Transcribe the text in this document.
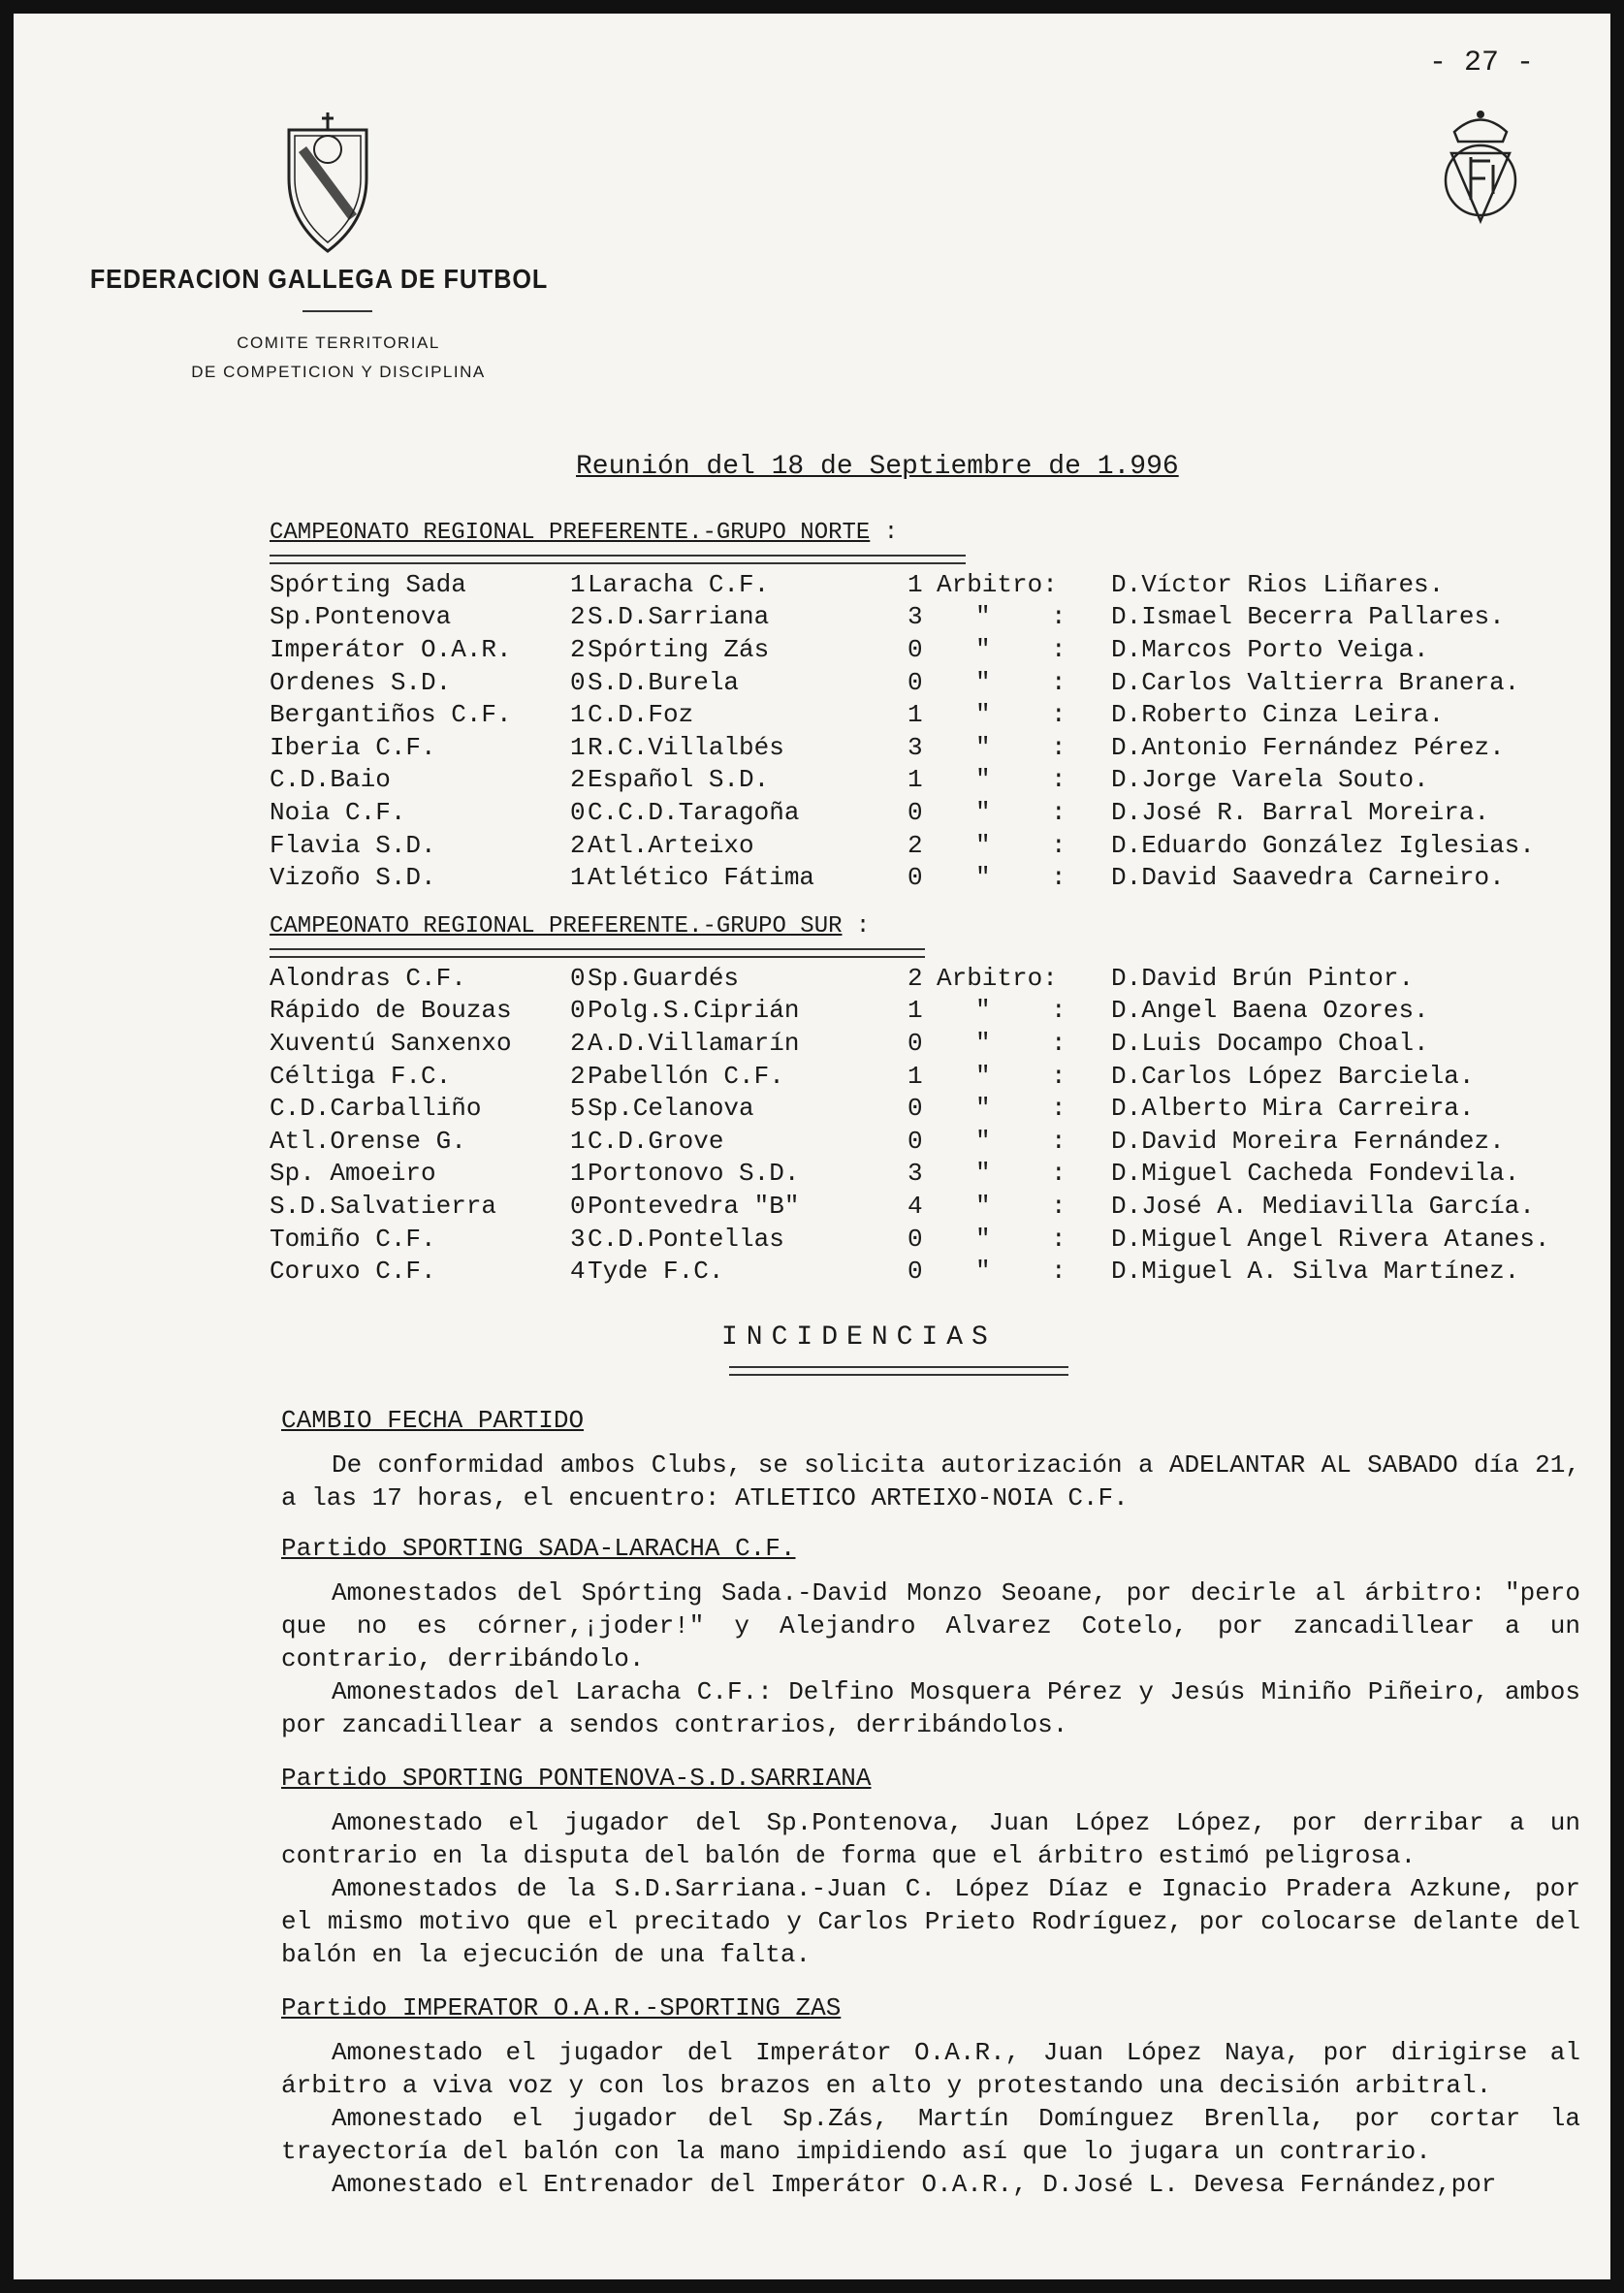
- 27 -
FEDERACION GALLEGA DE FUTBOL
COMITE TERRITORIAL
DE COMPETICION Y DISCIPLINA
Reunión del 18 de Septiembre de 1.996
CAMPEONATO REGIONAL PREFERENTE.-GRUPO NORTE :
Spórting Sada	1	Laracha C.F.	1	Arbitro:	D.Víctor Rios Liñares.
Sp.Pontenova	2	S.D.Sarriana	3	"    :	D.Ismael Becerra Pallares.
Imperátor O.A.R.	2	Spórting Zás	0	"    :	D.Marcos Porto Veiga.
Ordenes S.D.	0	S.D.Burela	0	"    :	D.Carlos Valtierra Branera.
Bergantiños C.F.	1	C.D.Foz	1	"    :	D.Roberto Cinza Leira.
Iberia C.F.	1	R.C.Villalbés	3	"    :	D.Antonio Fernández Pérez.
C.D.Baio	2	Español S.D.	1	"    :	D.Jorge Varela Souto.
Noia C.F.	0	C.C.D.Taragoña	0	"    :	D.José R. Barral Moreira.
Flavia S.D.	2	Atl.Arteixo	2	"    :	D.Eduardo González Iglesias.
Vizoño S.D.	1	Atlético Fátima	0	"    :	D.David Saavedra Carneiro.
CAMPEONATO REGIONAL PREFERENTE.-GRUPO SUR :
Alondras C.F.	0	Sp.Guardés	2	Arbitro:	D.David Brún Pintor.
Rápido de Bouzas	0	Polg.S.Ciprián	1	"    :	D.Angel Baena Ozores.
Xuventú Sanxenxo	2	A.D.Villamarín	0	"    :	D.Luis Docampo Choal.
Céltiga F.C.	2	Pabellón C.F.	1	"    :	D.Carlos López Barciela.
C.D.Carballiño	5	Sp.Celanova	0	"    :	D.Alberto Mira Carreira.
Atl.Orense G.	1	C.D.Grove	0	"    :	D.David Moreira Fernández.
Sp. Amoeiro	1	Portonovo S.D.	3	"    :	D.Miguel Cacheda Fondevila.
S.D.Salvatierra	0	Pontevedra "B"	4	"    :	D.José A. Mediavilla García.
Tomiño C.F.	3	C.D.Pontellas	0	"    :	D.Miguel Angel Rivera Atanes.
Coruxo C.F.	4	Tyde F.C.	0	"    :	D.Miguel A. Silva Martínez.
INCIDENCIAS
CAMBIO FECHA PARTIDO

De conformidad ambos Clubs, se solicita autorización a ADELANTAR AL SABADO día 21, a las 17 horas, el encuentro: ATLETICO ARTEIXO-NOIA C.F.

Partido SPORTING SADA-LARACHA C.F.

Amonestados del Spórting Sada.-David Monzo Seoane, por decirle al árbitro: "pero que no es córner,¡joder!" y Alejandro Alvarez Cotelo, por zancadillear a un contrario, derribándolo.

Amonestados del Laracha C.F.: Delfino Mosquera Pérez y Jesús Miniño Piñeiro, ambos por zancadillear a sendos contrarios, derribándolos.

Partido SPORTING PONTENOVA-S.D.SARRIANA

Amonestado el jugador del Sp.Pontenova, Juan López López, por derribar a un contrario en la disputa del balón de forma que el árbitro estimó peligrosa.

Amonestados de la S.D.Sarriana.-Juan C. López Díaz e Ignacio Pradera Azkune, por el mismo motivo que el precitado y Carlos Prieto Rodríguez, por colocarse delante del balón en la ejecución de una falta.

Partido IMPERATOR O.A.R.-SPORTING ZAS

Amonestado el jugador del Imperátor O.A.R., Juan López Naya, por dirigirse al árbitro a viva voz y con los brazos en alto y protestando una decisión arbitral.

Amonestado el jugador del Sp.Zás, Martín Domínguez Brenlla, por cortar la trayectoría del balón con la mano impidiendo así que lo jugara un contrario.

Amonestado el Entrenador del Imperátor O.A.R., D.José L. Devesa Fernández,por
